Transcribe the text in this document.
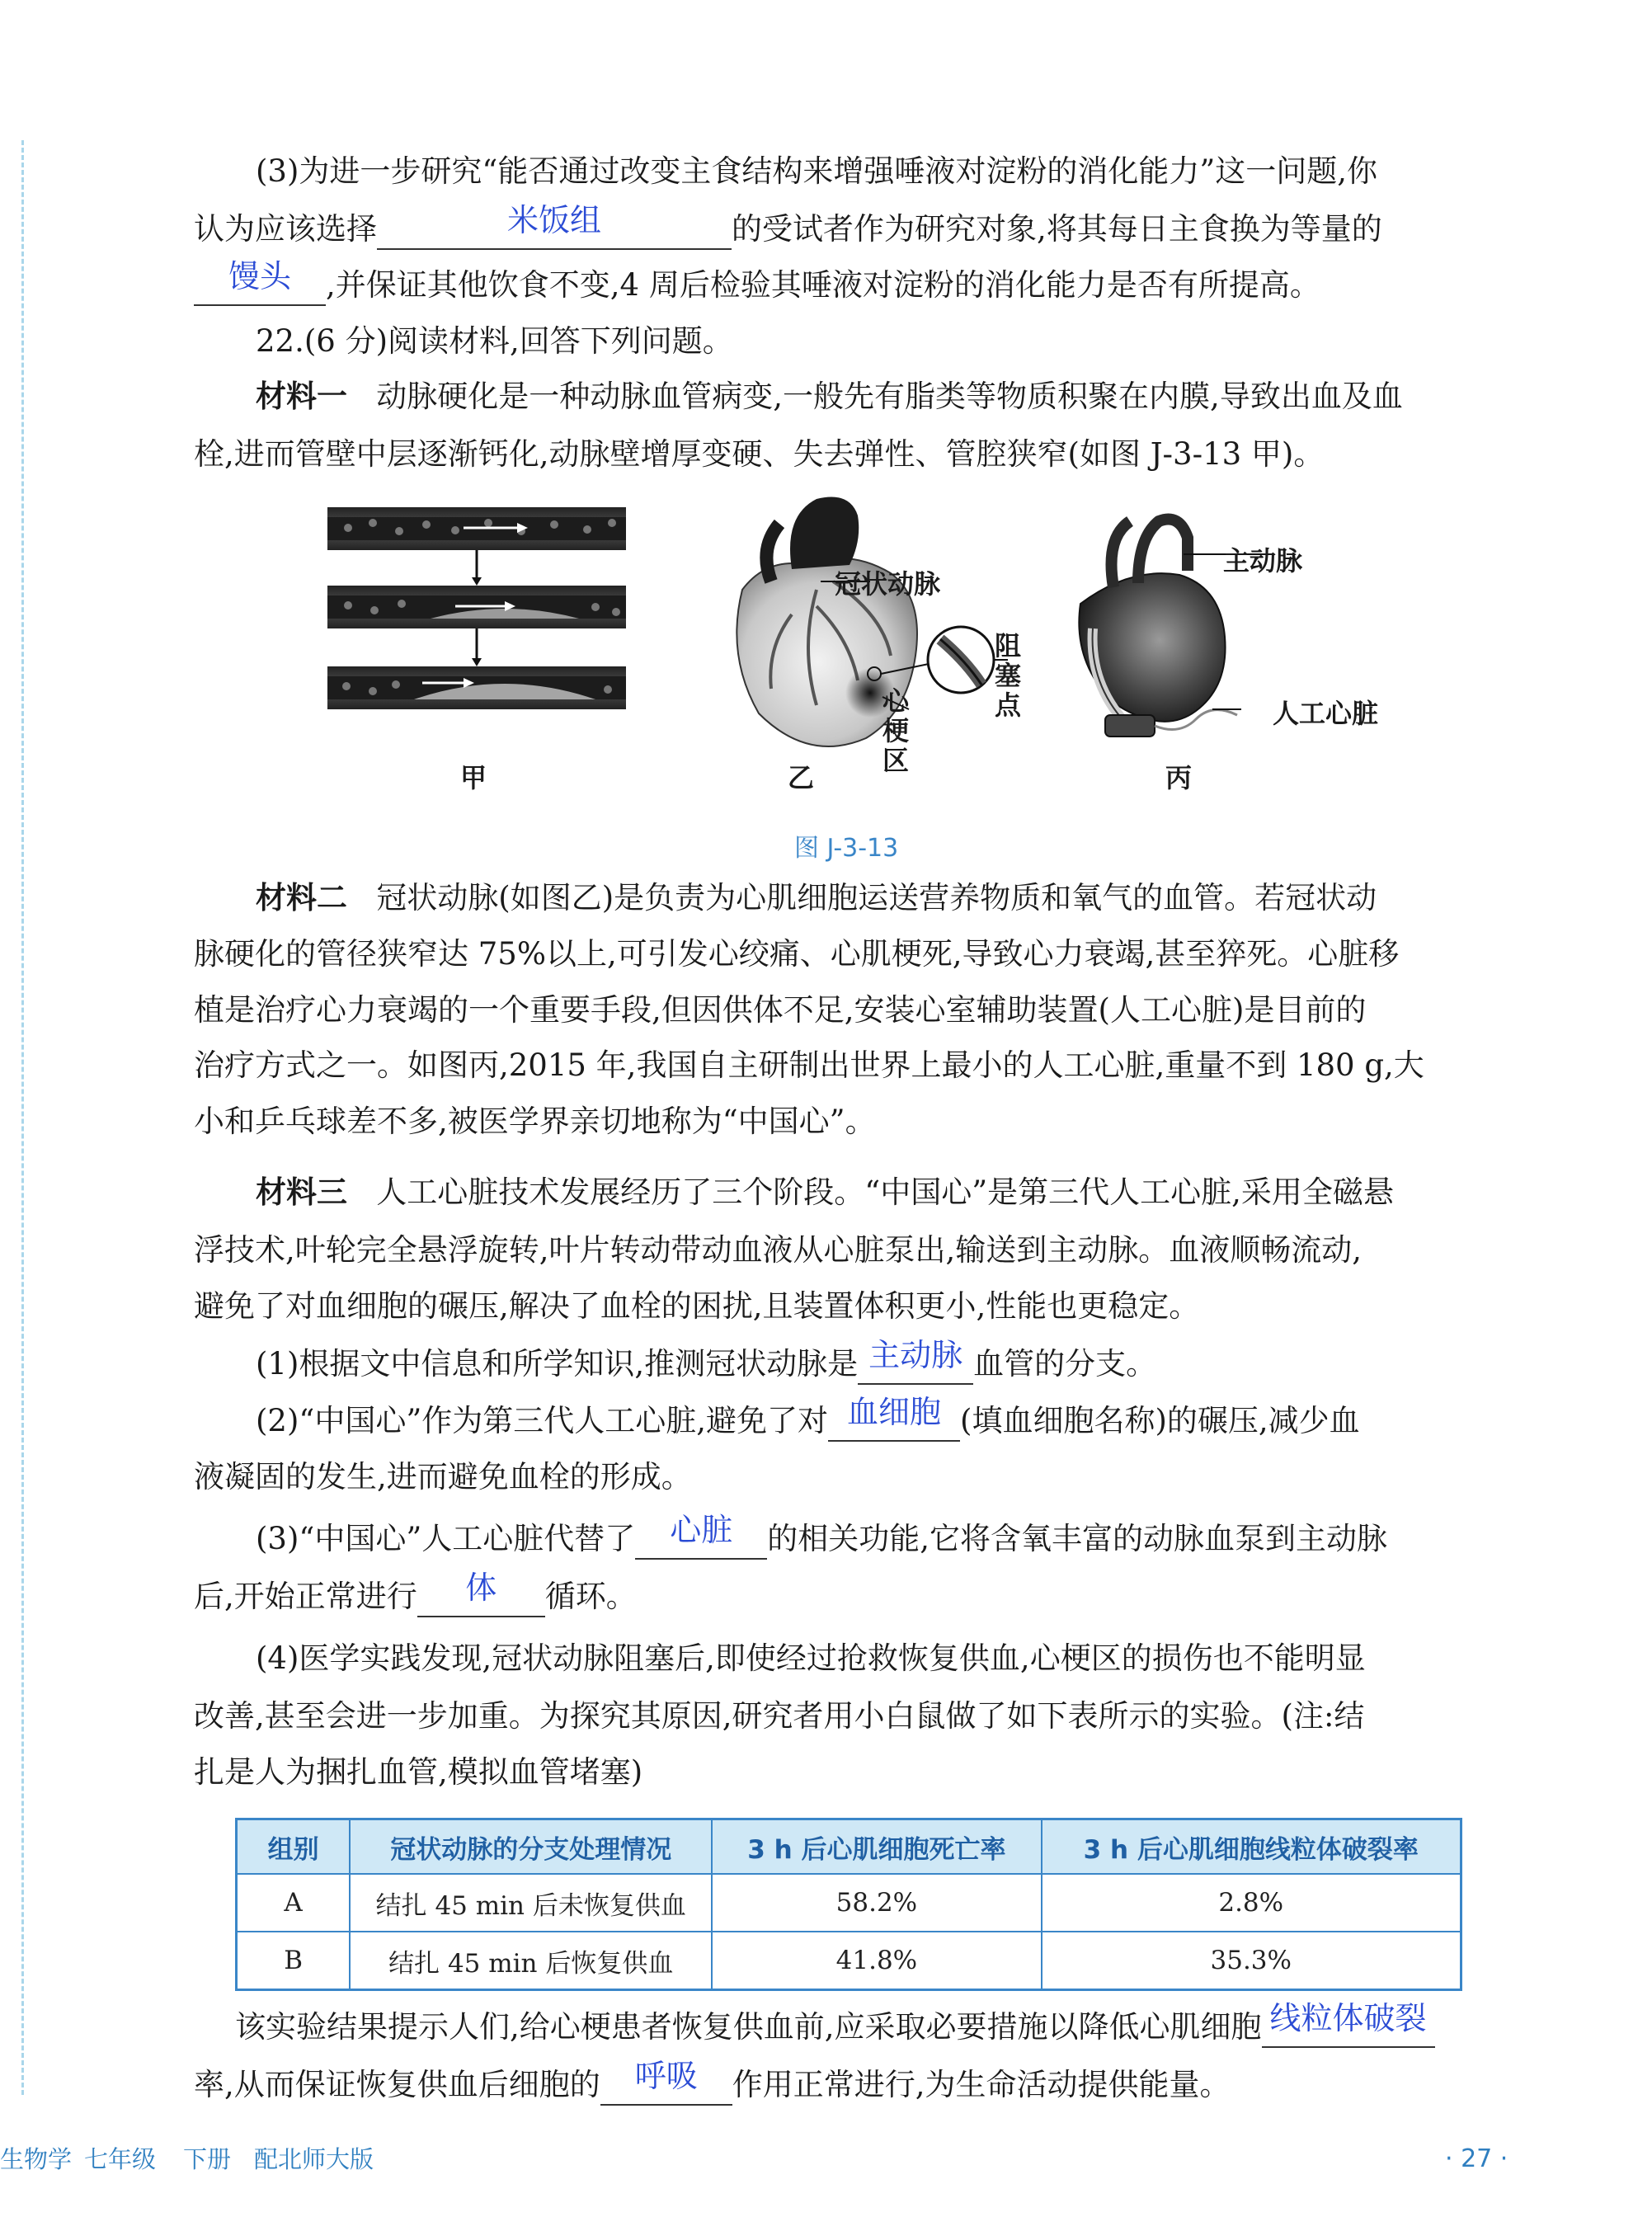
(3)为进一步研究“能否通过改变主食结构来增强唾液对淀粉的消化能力”这一问题,你
认为应该选择	米饭组	的受试者作为研究对象,将其每日主食换为等量的
馒头 ,并保证其他饮食不变,4 周后检验其唾液对淀粉的消化能力是否有所提高。
22.(6 分)阅读材料,回答下列问题。
材料一 动脉硬化是一种动脉血管病变,一般先有脂类等物质积聚在内膜,导致出血及血
栓,进而管壁中层逐渐钙化,动脉壁增厚变硬、失去弹性、管腔狭窄(如图 J-3-13 甲)。
甲
冠状动脉
阻
塞
点
心
梗
区
乙
主动脉
人工心脏
丙
图 J-3-13
材料二 冠状动脉(如图乙)是负责为心肌细胞运送营养物质和氧气的血管。若冠状动
脉硬化的管径狭窄达 75%以上,可引发心绞痛、心肌梗死,导致心力衰竭,甚至猝死。心脏移
植是治疗心力衰竭的一个重要手段,但因供体不足,安装心室辅助装置(人工心脏)是目前的
治疗方式之一。如图丙,2015 年,我国自主研制出世界上最小的人工心脏,重量不到 180 g,大
小和乒乓球差不多,被医学界亲切地称为“中国心”。
材料三 人工心脏技术发展经历了三个阶段。“中国心”是第三代人工心脏,采用全磁悬
浮技术,叶轮完全悬浮旋转,叶片转动带动血液从心脏泵出,输送到主动脉。血液顺畅流动,
避免了对血细胞的碾压,解决了血栓的困扰,且装置体积更小,性能也更稳定。
(1)根据文中信息和所学知识,推测冠状动脉是 主动脉 血管的分支。
(2)“中国心”作为第三代人工心脏,避免了对 血细胞 (填血细胞名称)的碾压,减少血
液凝固的发生,进而避免血栓的形成。
(3)“中国心”人工心脏代替了 心脏 的相关功能,它将含氧丰富的动脉血泵到主动脉
后,开始正常进行 体 循环。
(4)医学实践发现,冠状动脉阻塞后,即使经过抢救恢复供血,心梗区的损伤也不能明显
改善,甚至会进一步加重。为探究其原因,研究者用小白鼠做了如下表所示的实验。(注:结
扎是人为捆扎血管,模拟血管堵塞)
组别	冠状动脉的分支处理情况	3 h 后心肌细胞死亡率	3 h 后心肌细胞线粒体破裂率
A	结扎 45 min 后未恢复供血	58.2%	2.8%
B	结扎 45 min 后恢复供血	41.8%	35.3%
该实验结果提示人们,给心梗患者恢复供血前,应采取必要措施以降低心肌细胞 线粒体破裂
率,从而保证恢复供血后细胞的 呼吸 作用正常进行,为生命活动提供能量。
生物学 七年级 下册 配北师大版	· 27 ·
